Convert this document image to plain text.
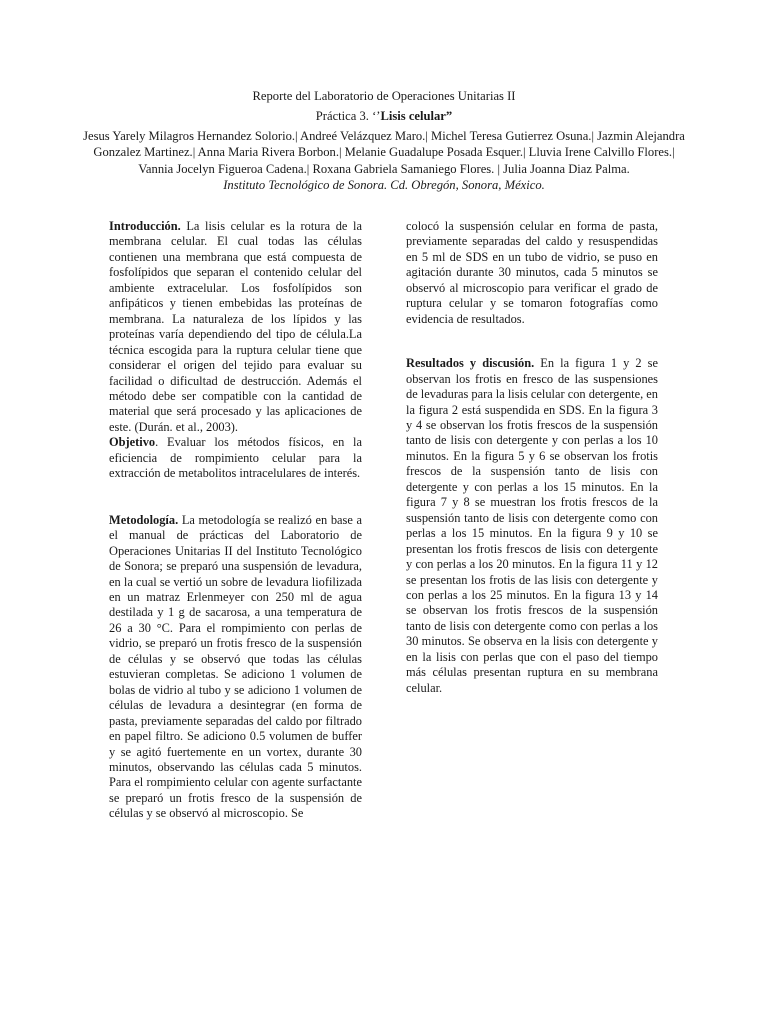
Reporte del Laboratorio de Operaciones Unitarias II
Práctica 3. ‘’Lisis celular”
Jesus Yarely Milagros Hernandez Solorio.| Andreé Velázquez Maro.| Michel Teresa Gutierrez Osuna.| Jazmin Alejandra Gonzalez Martinez.| Anna Maria Rivera Borbon.| Melanie Guadalupe Posada Esquer.| Lluvia Irene Calvillo Flores.| Vannia Jocelyn Figueroa Cadena.| Roxana Gabriela Samaniego Flores. | Julia Joanna Diaz Palma.
Instituto Tecnológico de Sonora. Cd. Obregón, Sonora, México.

Introducción. La lisis celular es la rotura de la membrana celular. El cual todas las células contienen una membrana que está compuesta de fosfolípidos que separan el contenido celular del ambiente extracelular. Los fosfolípidos son anfipáticos y tienen embebidas las proteínas de membrana. La naturaleza de los lípidos y las proteínas varía dependiendo del tipo de célula.La técnica escogida para la ruptura celular tiene que considerar el origen del tejido para evaluar su facilidad o dificultad de destrucción. Además el método debe ser compatible con la cantidad de material que será procesado y las aplicaciones de este. (Durán. et al., 2003).

Objetivo. Evaluar los métodos físicos, en la eficiencia de rompimiento celular para la extracción de metabolitos intracelulares de interés.

Metodología. La metodología se realizó en base a el manual de prácticas del Laboratorio de Operaciones Unitarias II del Instituto Tecnológico de Sonora; se preparó una suspensión de levadura, en la cual se vertió un sobre de levadura liofilizada en un matraz Erlenmeyer con 250 ml de agua destilada y 1 g de sacarosa, a una temperatura de 26 a 30 °C. Para el rompimiento con perlas de vidrio, se preparó un frotis fresco de la suspensión de células y se observó que todas las células estuvieran completas. Se adiciono 1 volumen de bolas de vidrio al tubo y se adiciono 1 volumen de células de levadura a desintegrar (en forma de pasta, previamente separadas del caldo por filtrado en papel filtro. Se adiciono 0.5 volumen de buffer y se agitó fuertemente en un vortex, durante 30 minutos, observando las células cada 5 minutos. Para el rompimiento celular con agente surfactante se preparó un frotis fresco de la suspensión de células y se observó al microscopio. Se

colocó la suspensión celular en forma de pasta, previamente separadas del caldo y resuspendidas en 5 ml de SDS en un tubo de vidrio, se puso en agitación durante 30 minutos, cada 5 minutos se observó al microscopio para verificar el grado de ruptura celular y se tomaron fotografías como evidencia de resultados.

Resultados y discusión. En la figura 1 y 2 se observan los frotis en fresco de las suspensiones de levaduras para la lisis celular con detergente, en la figura 2 está suspendida en SDS. En la figura 3 y 4 se observan los frotis frescos de la suspensión tanto de lisis con detergente y con perlas a los 10 minutos. En la figura 5 y 6 se observan los frotis frescos de la suspensión tanto de lisis con detergente y con perlas a los 15 minutos. En la figura 7 y 8 se muestran los frotis frescos de la suspensión tanto de lisis con detergente como con perlas a los 15 minutos. En la figura 9 y 10 se presentan los frotis frescos de lisis con detergente y con perlas a los 20 minutos. En la figura 11 y 12 se presentan los frotis de las lisis con detergente y con perlas a los 25 minutos. En la figura 13 y 14 se observan los frotis frescos de la suspensión tanto de lisis con detergente como con perlas a los 30 minutos. Se observa en la lisis con detergente y en la lisis con perlas que con el paso del tiempo más células presentan ruptura en su membrana celular.
